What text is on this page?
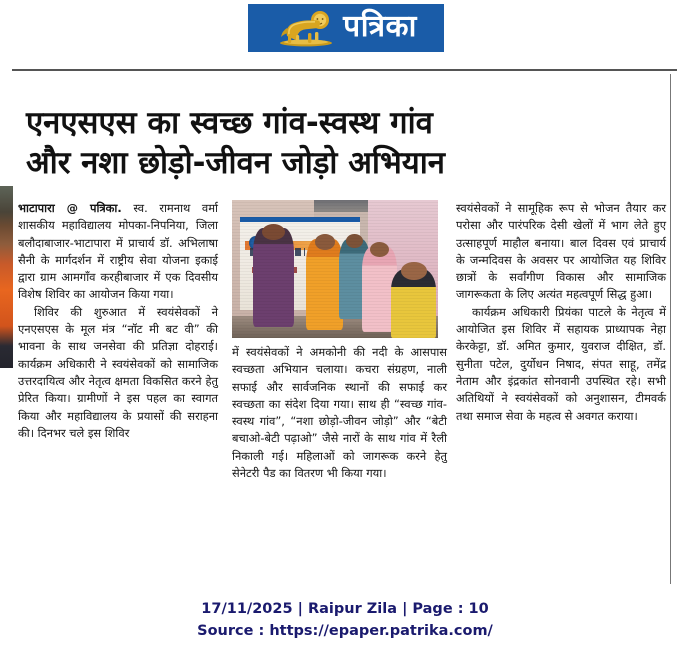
पत्रिका
एनएसएस का स्वच्छ गांव-स्वस्थ गांव
और नशा छोड़ो-जीवन जोड़ो अभियान

भाटापारा @ पत्रिका. स्व. रामनाथ वर्मा शासकीय महाविद्यालय मोपका-निपनिया, जिला बलौदाबाजार-भाटापारा में प्राचार्य डॉ. अभिलाषा सैनी के मार्गदर्शन में राष्ट्रीय सेवा योजना इकाई द्वारा ग्राम आमगाँव करहीबाजार में एक दिवसीय विशेष शिविर का आयोजन किया गया।

शिविर की शुरुआत में स्वयंसेवकों ने एनएसएस के मूल मंत्र “नॉट मी बट वी” की भावना के साथ जनसेवा की प्रतिज्ञा दोहराई। कार्यक्रम अधिकारी ने स्वयंसेवकों को सामाजिक उत्तरदायित्व और नेतृत्व क्षमता विकसित करने हेतु प्रेरित किया। ग्रामीणों ने इस पहल का स्वागत किया और महाविद्यालय के प्रयासों की सराहना की। दिनभर चले इस शिविर

में स्वयंसेवकों ने अमकोनी की नदी के आसपास स्वच्छता अभियान चलाया। कचरा संग्रहण, नाली सफाई और सार्वजनिक स्थानों की सफाई कर स्वच्छता का संदेश दिया गया। साथ ही “स्वच्छ गांव-स्वस्थ गांव”, “नशा छोड़ो-जीवन जोड़ो” और “बेटी बचाओ-बेटी पढ़ाओ” जैसे नारों के साथ गांव में रैली निकाली गई। महिलाओं को जागरूक करने हेतु सेनेटरी पैड का वितरण भी किया गया।

स्वयंसेवकों ने सामूहिक रूप से भोजन तैयार कर परोसा और पारंपरिक देसी खेलों में भाग लेते हुए उत्साहपूर्ण माहौल बनाया। बाल दिवस एवं प्राचार्य के जन्मदिवस के अवसर पर आयोजित यह शिविर छात्रों के सर्वांगीण विकास और सामाजिक जागरूकता के लिए अत्यंत महत्वपूर्ण सिद्ध हुआ।

कार्यक्रम अधिकारी प्रियंका पाटले के नेतृत्व में आयोजित इस शिविर में सहायक प्राध्यापक नेहा केरकेट्टा, डॉ. अमित कुमार, युवराज दीक्षित, डॉ. सुनीता पटेल, दुर्योधन निषाद, संपत साहू, तमेंद्र नेताम और इंद्रकांत सोनवानी उपस्थित रहे। सभी अतिथियों ने स्वयंसेवकों को अनुशासन, टीमवर्क तथा समाज सेवा के महत्व से अवगत कराया।

17/11/2025 | Raipur Zila | Page : 10
Source : https://epaper.patrika.com/
